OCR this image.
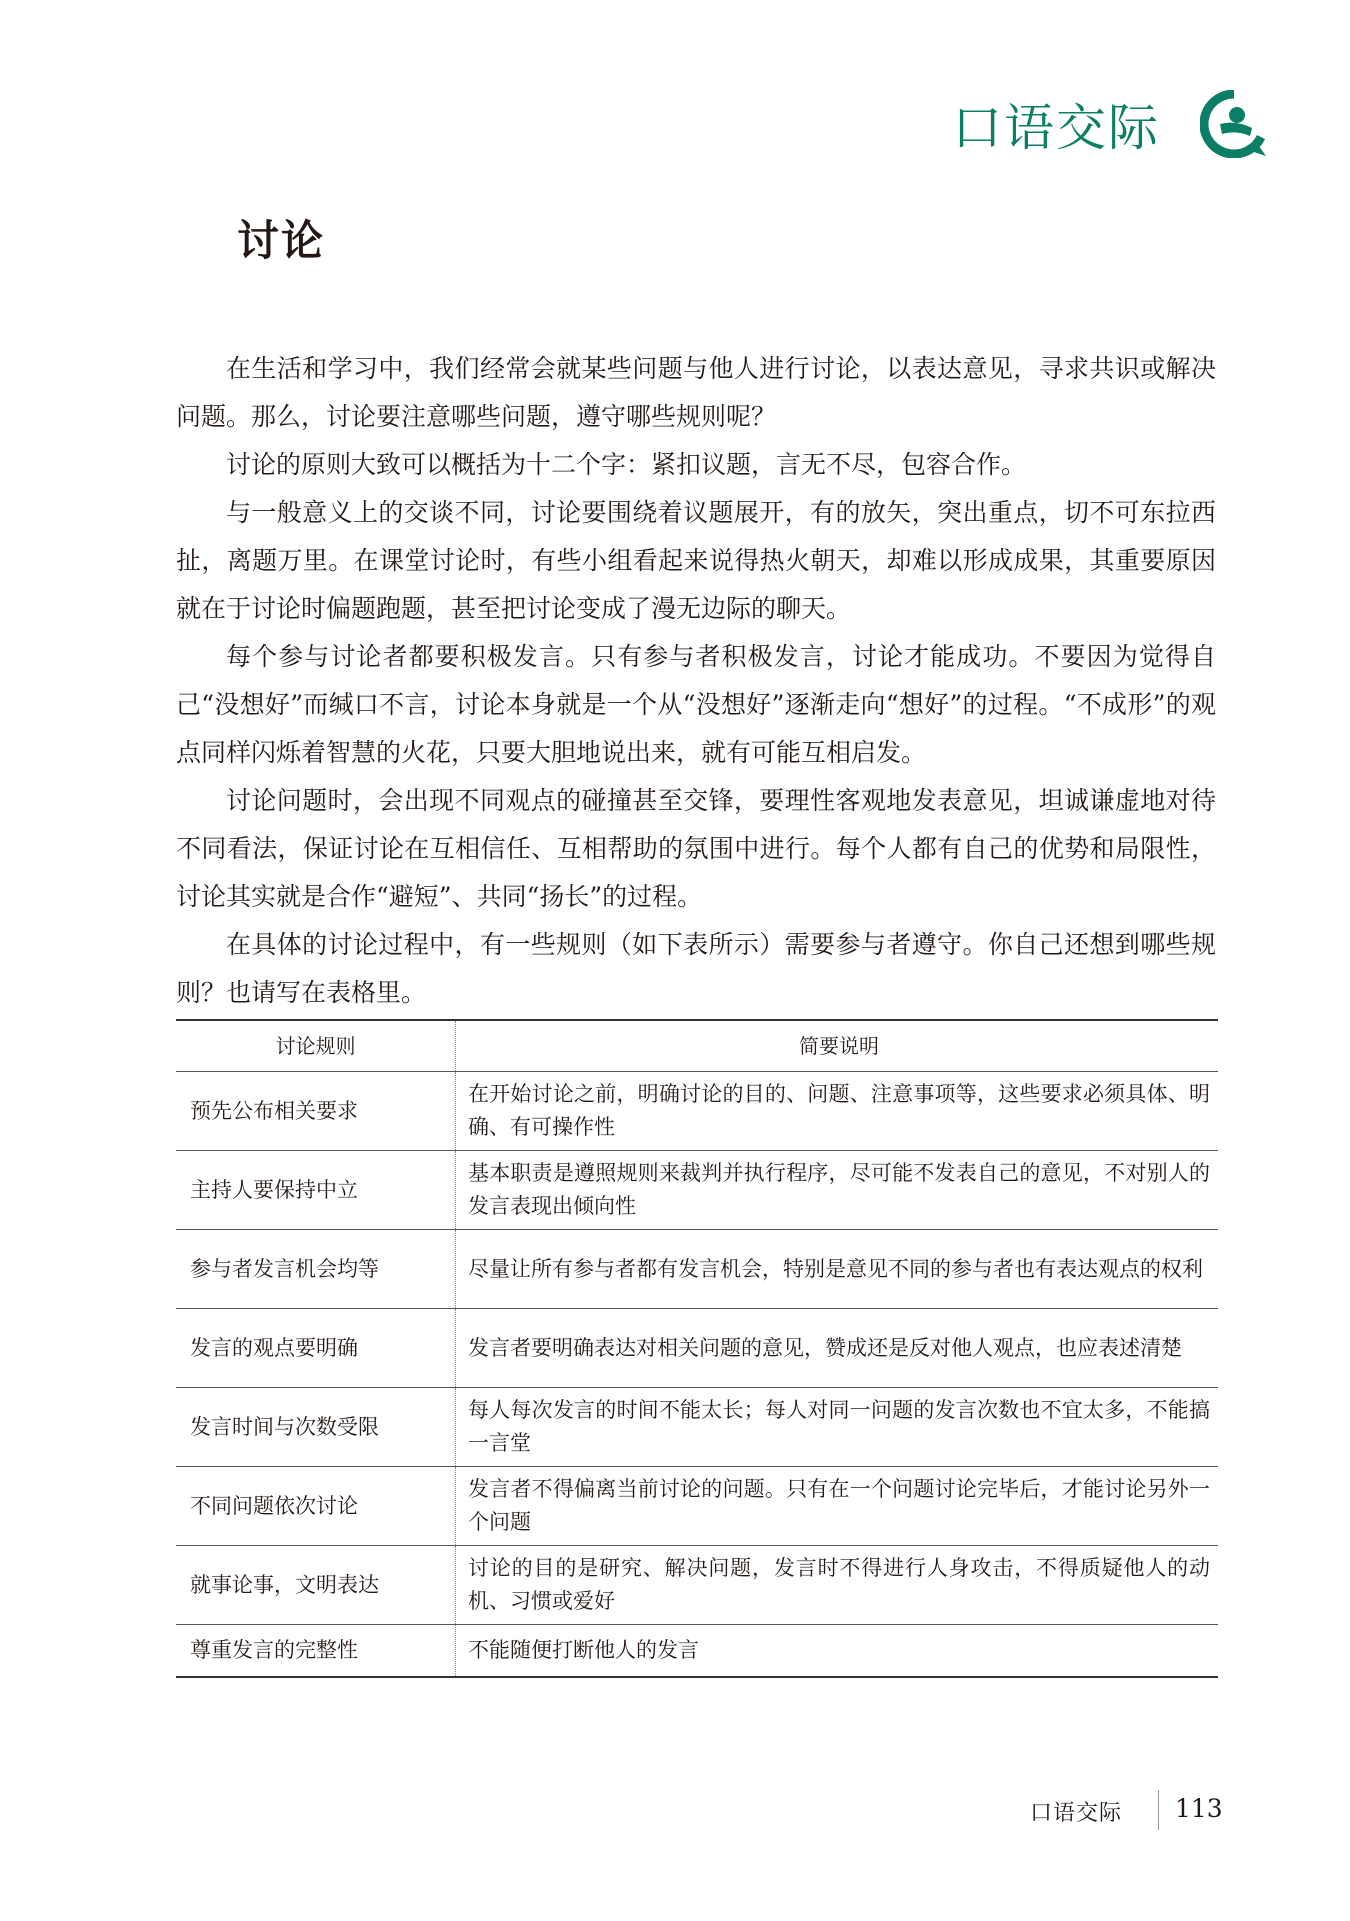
口语交际
讨论

在生活和学习中，我们经常会就某些问题与他人进行讨论，以表达意见，寻求共识或解决问题。那么，讨论要注意哪些问题，遵守哪些规则呢？

讨论的原则大致可以概括为十二个字：紧扣议题，言无不尽，包容合作。

与一般意义上的交谈不同，讨论要围绕着议题展开，有的放矢，突出重点，切不可东拉西扯，离题万里。在课堂讨论时，有些小组看起来说得热火朝天，却难以形成成果，其重要原因就在于讨论时偏题跑题，甚至把讨论变成了漫无边际的聊天。

每个参与讨论者都要积极发言。只有参与者积极发言，讨论才能成功。不要因为觉得自己“没想好”而缄口不言，讨论本身就是一个从“没想好”逐渐走向“想好”的过程。“不成形”的观点同样闪烁着智慧的火花，只要大胆地说出来，就有可能互相启发。

讨论问题时，会出现不同观点的碰撞甚至交锋，要理性客观地发表意见，坦诚谦虚地对待不同看法，保证讨论在互相信任、互相帮助的氛围中进行。每个人都有自己的优势和局限性，讨论其实就是合作“避短”、共同“扬长”的过程。

在具体的讨论过程中，有一些规则（如下表所示）需要参与者遵守。你自己还想到哪些规则？也请写在表格里。

讨论规则	简要说明
预先公布相关要求	在开始讨论之前，明确讨论的目的、问题、注意事项等，这些要求必须具体、明确、有可操作性
主持人要保持中立	基本职责是遵照规则来裁判并执行程序，尽可能不发表自己的意见，不对别人的发言表现出倾向性
参与者发言机会均等	尽量让所有参与者都有发言机会，特别是意见不同的参与者也有表达观点的权利
发言的观点要明确	发言者要明确表达对相关问题的意见，赞成还是反对他人观点，也应表述清楚
发言时间与次数受限	每人每次发言的时间不能太长；每人对同一问题的发言次数也不宜太多，不能搞一言堂
不同问题依次讨论	发言者不得偏离当前讨论的问题。只有在一个问题讨论完毕后，才能讨论另外一个问题
就事论事，文明表达	讨论的目的是研究、解决问题，发言时不得进行人身攻击，不得质疑他人的动机、习惯或爱好
尊重发言的完整性	不能随便打断他人的发言
口语交际 113
